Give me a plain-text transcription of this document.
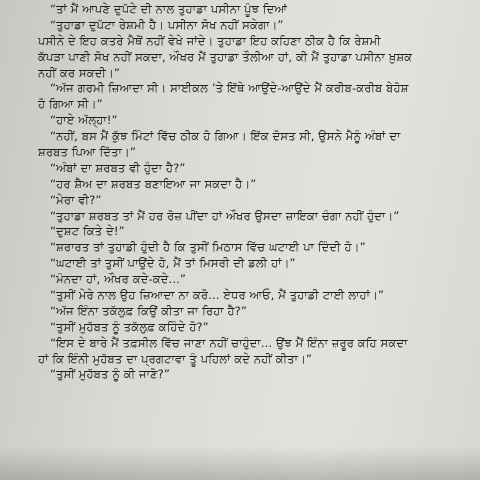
“ਤਾਂ ਮੈਂ ਆਪਣੇ ਦੁਪੱਟੇ ਦੀ ਨਾਲ ਤੁਹਾਡਾ ਪਸੀਨਾ ਪੂੰਝ ਦਿਆਂ
“ਤੁਹਾਡਾ ਦੁਪੱਟਾ ਰੇਸ਼ਮੀ ਹੈ। ਪਸੀਨਾ ਸੋਖ ਨਹੀਂ ਸਕੇਗਾ।”
ਪਸੀਨੇ ਦੇ ਇਹ ਕਤਰੇ ਮੈਥੋਂ ਨਹੀਂ ਵੇਖੇ ਜਾਂਦੇ। ਤੁਹਾਡਾ ਇਹ ਕਹਿਣਾ ਠੀਕ ਹੈ ਕਿ ਰੇਸ਼ਮੀ
ਕੱਪੜਾ ਪਾਣੀ ਸੋਖ ਨਹੀਂ ਸਕਦਾ, ਔਖਰ ਮੈਂ ਤੁਹਾਡਾ ਤੌਲੀਆ ਹਾਂ, ਕੀ ਮੈਂ ਤੁਹਾਡਾ ਪਸੀਨਾ ਖ਼ੁਸ਼ਕ
ਨਹੀਂ ਕਰ ਸਕਦੀ।”
“ਅੱਜ ਗਰਮੀ ਜ਼ਿਆਦਾ ਸੀ। ਸਾਈਕਲ ’ਤੇ ਇੱਥੇ ਆਉਂਦੇ-ਆਉਂਦੇ ਮੈਂ ਕਰੀਬ-ਕਰੀਬ ਬੇਹੋਸ਼
ਹੋ ਗਿਆ ਸੀ।”
“ਹਾਏ ਅੱਲ੍ਹਾ!”
“ਨਹੀਂ, ਬਸ ਮੈਂ ਕੁੱਝ ਮਿੰਟਾਂ ਵਿੱਚ ਠੀਕ ਹੋ ਗਿਆ। ਇੱਕ ਦੋਸਤ ਸੀ, ਉਸਨੇ ਮੈਨੂੰ ਅੰਬਾਂ ਦਾ
ਸ਼ਰਬਤ ਪਿਆ ਦਿੱਤਾ।”
“ਅੰਬਾਂ ਦਾ ਸ਼ਰਬਤ ਵੀ ਹੁੰਦਾ ਹੈ?”
“ਹਰ ਸ਼ੈਅ ਦਾ ਸ਼ਰਬਤ ਬਣਾਇਆ ਜਾ ਸਕਦਾ ਹੈ।”
“ਮੇਰਾ ਵੀ?”
“ਤੁਹਾਡਾ ਸ਼ਰਬਤ ਤਾਂ ਮੈਂ ਹਰ ਰੋਜ਼ ਪੀਂਦਾ ਹਾਂ ਔਖਰ ਉਸਦਾ ਜ਼ਾਇਕਾ ਚੰਗਾ ਨਹੀਂ ਹੁੰਦਾ।”
“ਦੁਸ਼ਟ ਕਿਤੇ ਦੇ!”
“ਸ਼ਰਾਰਤ ਤਾਂ ਤੁਹਾਡੀ ਹੁੰਦੀ ਹੈ ਕਿ ਤੁਸੀਂ ਮਿਠਾਸ ਵਿੱਚ ਘਟਾਈ ਪਾ ਦਿੰਦੀ ਹੋ।”
“ਘਟਾਈ ਤਾਂ ਤੁਸੀਂ ਪਾਉਂਦੇ ਹੋ, ਮੈਂ ਤਾਂ ਮਿਸਰੀ ਦੀ ਡਲੀ ਹਾਂ।”
“ਮੰਨਦਾ ਹਾਂ, ਔਖਰ ਕਦੇ-ਕਦੇ...”
“ਤੁਸੀਂ ਮੇਰੇ ਨਾਲ ਉਹ ਜ਼ਿਆਦਾ ਨਾ ਕਰੋ... ਏਧਰ ਆਓ, ਮੈਂ ਤੁਹਾਡੀ ਟਾਈ ਲਾਹਾਂ।”
“ਅੱਜ ਇੰਨਾ ਤਕੱਲੁਫ਼ ਕਿਉਂ ਕੀਤਾ ਜਾ ਰਿਹਾ ਹੈ?”
“ਤੁਸੀਂ ਮੁਹੱਬਤ ਨੂੰ ਤਕੱਲੁਫ਼ ਕਹਿੰਦੇ ਹੋ?”
“ਇਸ ਦੇ ਬਾਰੇ ਮੈਂ ਤਫ਼ਸੀਲ ਵਿੱਚ ਜਾਣਾ ਨਹੀਂ ਚਾਹੁੰਦਾ... ਉਂਝ ਮੈਂ ਇੰਨਾ ਜ਼ਰੂਰ ਕਹਿ ਸਕਦਾ
ਹਾਂ ਕਿ ਇੰਨੀ ਮੁਹੱਬਤ ਦਾ ਪ੍ਰਗਟਾਵਾ ਤੂੰ ਪਹਿਲਾਂ ਕਦੇ ਨਹੀਂ ਕੀਤਾ।”
“ਤੁਸੀਂ ਮੁਹੱਬਤ ਨੂੰ ਕੀ ਜਾਣੋ?”
